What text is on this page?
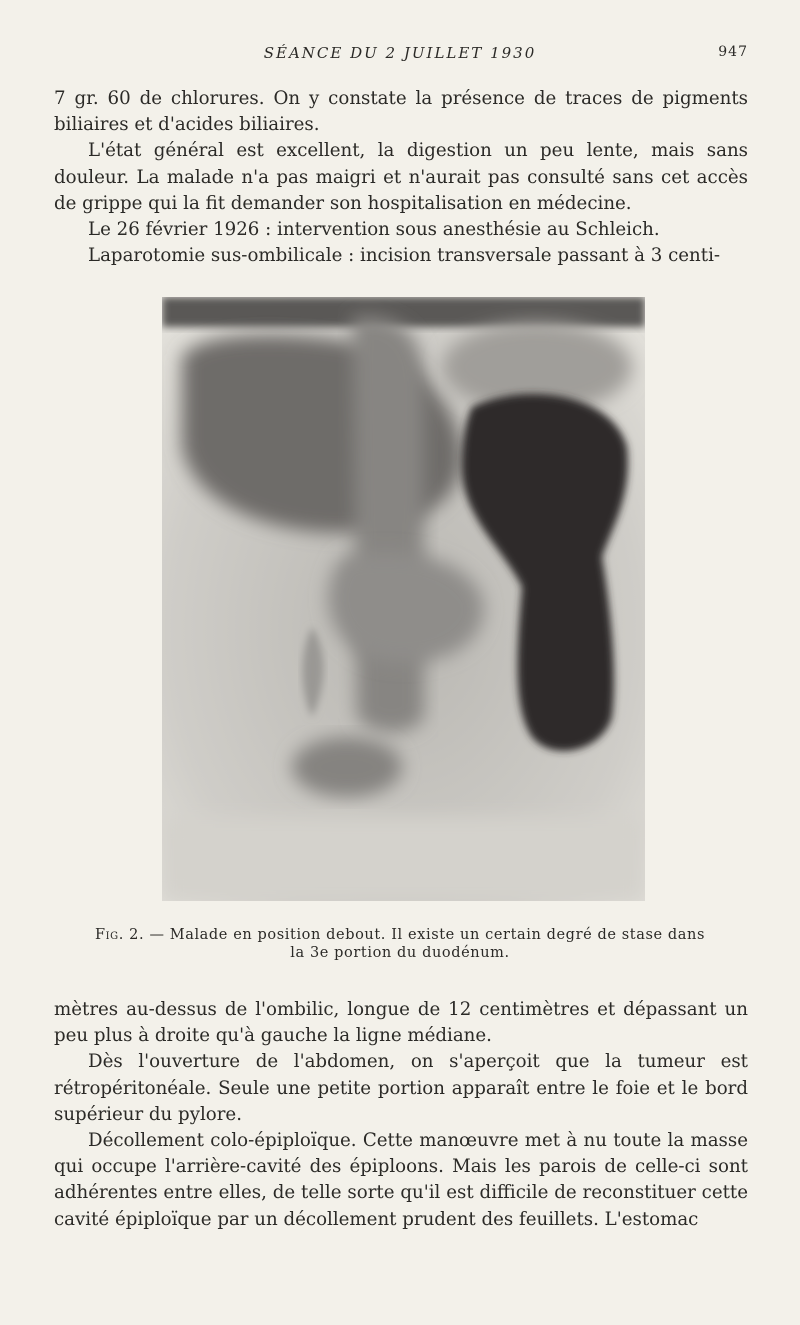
SÉANCE DU 2 JUILLET 1930	947

7 gr. 60 de chlorures. On y constate la présence de traces de pigments biliaires et d'acides biliaires.

L'état général est excellent, la digestion un peu lente, mais sans douleur. La malade n'a pas maigri et n'aurait pas consulté sans cet accès de grippe qui la fit demander son hospitalisation en médecine.

Le 26 février 1926 : intervention sous anesthésie au Schleich.

Laparotomie sus-ombilicale : incision transversale passant à 3 centi-

Fig. 2. — Malade en position debout. Il existe un certain degré de stase dans la 3e portion du duodénum.

mètres au-dessus de l'ombilic, longue de 12 centimètres et dépassant un peu plus à droite qu'à gauche la ligne médiane.

Dès l'ouverture de l'abdomen, on s'aperçoit que la tumeur est rétropéritonéale. Seule une petite portion apparaît entre le foie et le bord supérieur du pylore.

Décollement colo-épiploïque. Cette manœuvre met à nu toute la masse qui occupe l'arrière-cavité des épiploons. Mais les parois de celle-ci sont adhérentes entre elles, de telle sorte qu'il est difficile de reconstituer cette cavité épiploïque par un décollement prudent des feuillets. L'estomac
